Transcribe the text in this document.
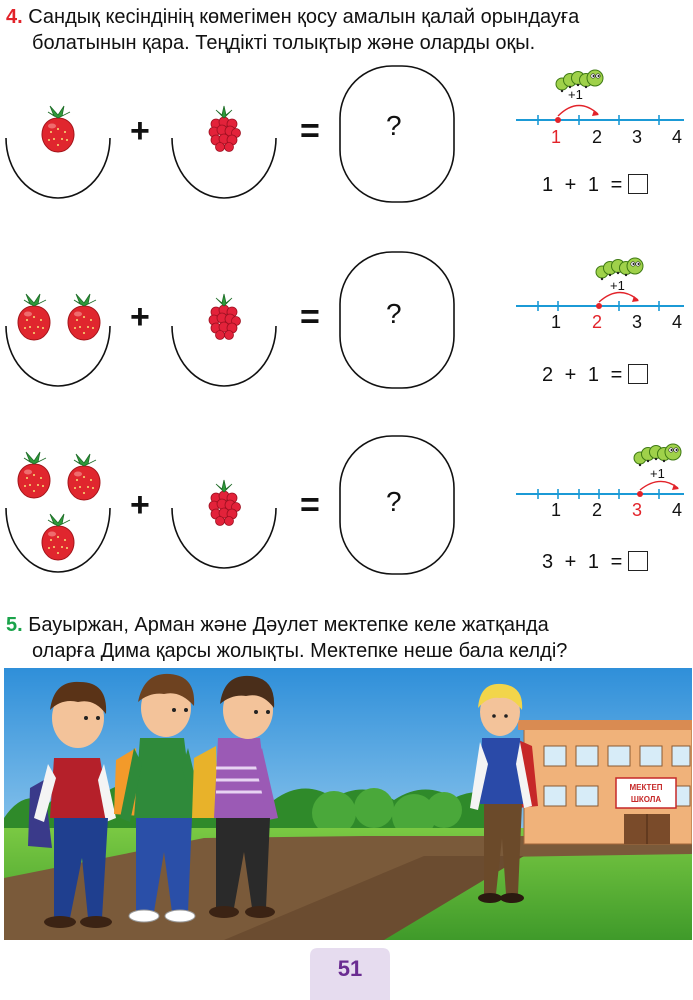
4. Сандық кесіндінің көмегімен қосу амалын қалай орындауға
болатынын қара. Теңдікті толықтыр және оларды оқы.
+	= ?
+1
1 2 3 4
1 + 1 =
+	= ?
+1
1 2 3 4
2 + 1 =
+	= ?
+1
1 2 3 4
3 + 1 =
5. Бауыржан, Арман және Дәулет мектепке келе жатқанда
оларға Дима қарсы жолықты. Мектепке неше бала келді?
МЕКТЕП
ШКОЛА
51
